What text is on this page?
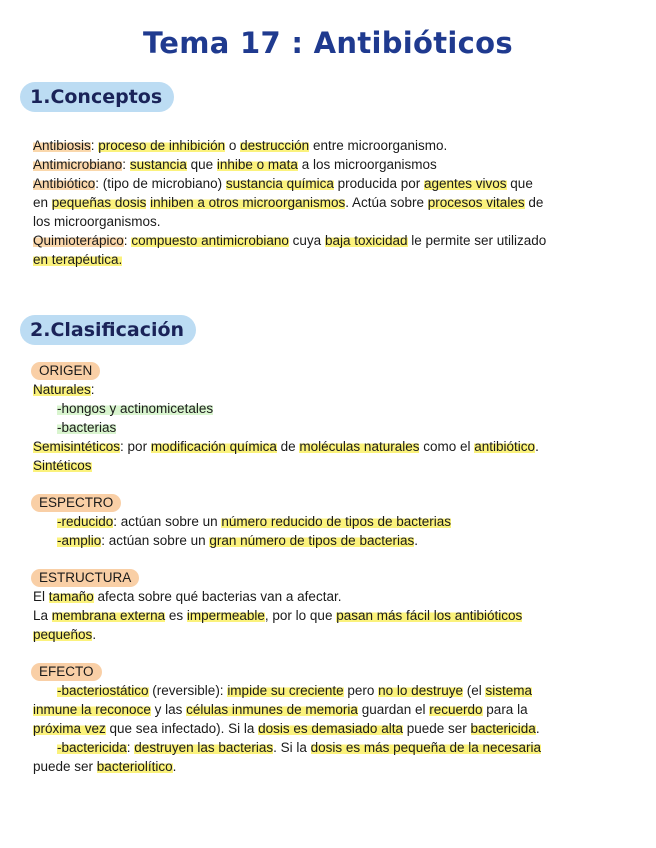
Tema 17 : Antibióticos
1.Conceptos
Antibiosis: proceso de inhibición o destrucción entre microorganismo.
Antimicrobiano: sustancia que inhibe o mata a los microorganismos
Antibiótico: (tipo de microbiano) sustancia química producida por agentes vivos que
en pequeñas dosis inhiben a otros microorganismos. Actúa sobre procesos vitales de
los microorganismos.
Quimioterápico: compuesto antimicrobiano cuya baja toxicidad le permite ser utilizado
en terapéutica.
2.Clasificación
ORIGEN
Naturales:
-hongos y actinomicetales
-bacterias
Semisintéticos: por modificación química de moléculas naturales como el antibiótico.
Sintéticos
ESPECTRO
-reducido: actúan sobre un número reducido de tipos de bacterias
-amplio: actúan sobre un gran número de tipos de bacterias.
ESTRUCTURA
El tamaño afecta sobre qué bacterias van a afectar.
La membrana externa es impermeable, por lo que pasan más fácil los antibióticos
pequeños.
EFECTO
-bacteriostático (reversible): impide su creciente pero no lo destruye (el sistema
inmune la reconoce y las células inmunes de memoria guardan el recuerdo para la
próxima vez que sea infectado). Si la dosis es demasiado alta puede ser bactericida.
-bactericida: destruyen las bacterias. Si la dosis es más pequeña de la necesaria
puede ser bacteriolítico.
